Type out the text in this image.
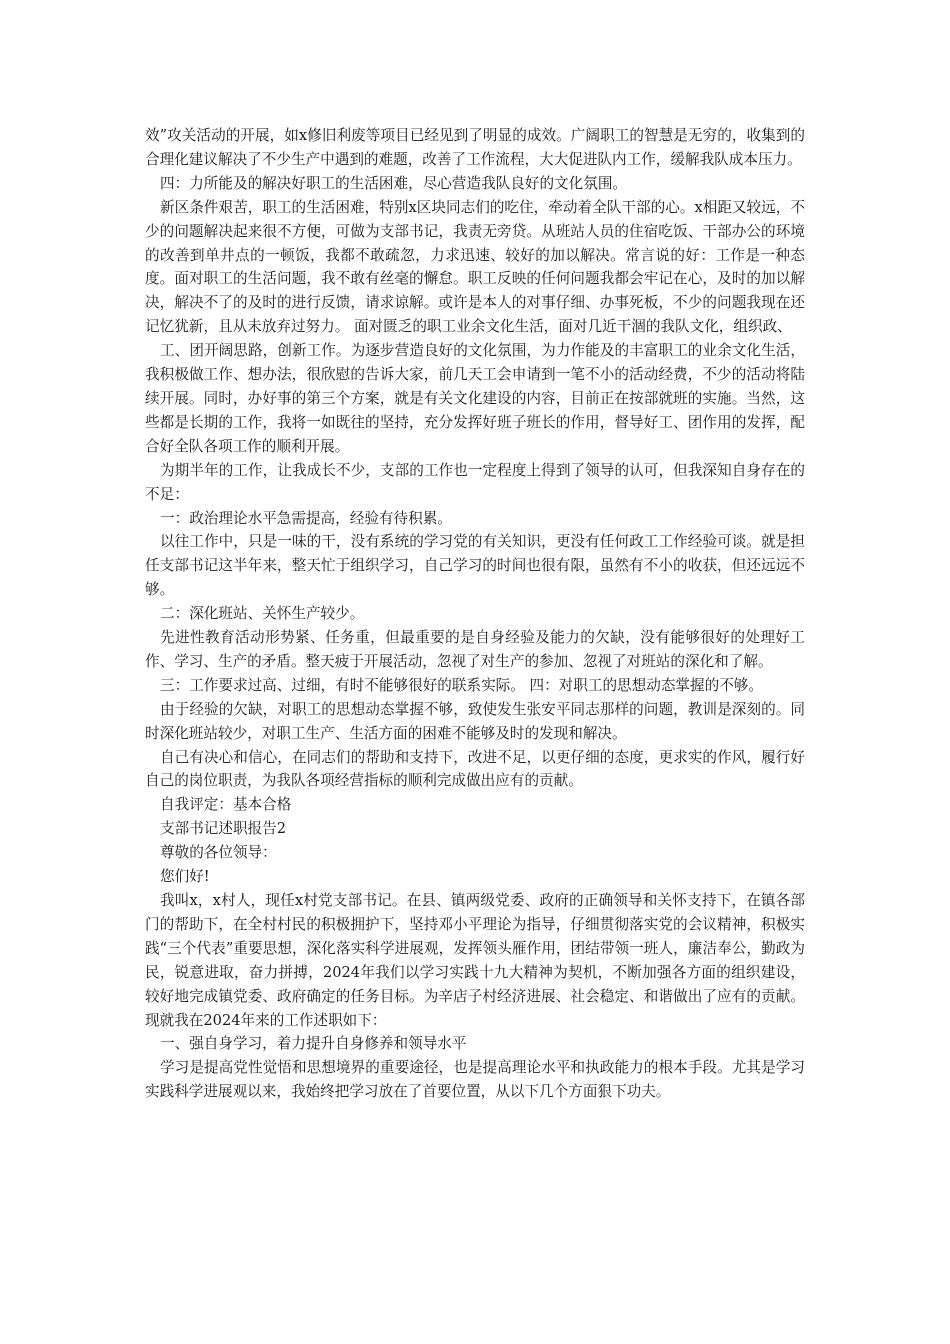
效”攻关活动的开展，如x修旧利废等项目已经见到了明显的成效。广阔职工的智慧是无穷的，收集到的合理化建议解决了不少生产中遇到的难题，改善了工作流程，大大促进队内工作，缓解我队成本压力。

四：力所能及的解决好职工的生活困难，尽心营造我队良好的文化氛围。

新区条件艰苦，职工的生活困难，特别x区块同志们的吃住，牵动着全队干部的心。x相距又较远，不少的问题解决起来很不方便，可做为支部书记，我责无旁贷。从班站人员的住宿吃饭、干部办公的环境的改善到单井点的一顿饭，我都不敢疏忽，力求迅速、较好的加以解决。常言说的好：工作是一种态度。面对职工的生活问题，我不敢有丝毫的懈怠。职工反映的任何问题我都会牢记在心，及时的加以解决，解决不了的及时的进行反馈，请求谅解。或许是本人的对事仔细、办事死板，不少的问题我现在还记忆犹新，且从未放弃过努力。 面对匮乏的职工业余文化生活，面对几近干涸的我队文化，组织政、

工、团开阔思路，创新工作。为逐步营造良好的文化氛围，为力作能及的丰富职工的业余文化生活，我积极做工作、想办法，很欣慰的告诉大家，前几天工会申请到一笔不小的活动经费，不少的活动将陆续开展。同时，办好事的第三个方案，就是有关文化建设的内容，目前正在按部就班的实施。当然，这些都是长期的工作，我将一如既往的坚持，充分发挥好班子班长的作用，督导好工、团作用的发挥，配合好全队各项工作的顺利开展。

为期半年的工作，让我成长不少，支部的工作也一定程度上得到了领导的认可，但我深知自身存在的不足：

一：政治理论水平急需提高，经验有待积累。

以往工作中，只是一味的干，没有系统的学习党的有关知识，更没有任何政工工作经验可谈。就是担任支部书记这半年来，整天忙于组织学习，自己学习的时间也很有限，虽然有不小的收获，但还远远不够。

二：深化班站、关怀生产较少。

先进性教育活动形势紧、任务重，但最重要的是自身经验及能力的欠缺，没有能够很好的处理好工作、学习、生产的矛盾。整天疲于开展活动，忽视了对生产的参加、忽视了对班站的深化和了解。

三：工作要求过高、过细，有时不能够很好的联系实际。 四：对职工的思想动态掌握的不够。

由于经验的欠缺，对职工的思想动态掌握不够，致使发生张安平同志那样的问题，教训是深刻的。同时深化班站较少，对职工生产、生活方面的困难不能够及时的发现和解决。

自己有决心和信心，在同志们的帮助和支持下，改进不足，以更仔细的态度，更求实的作风，履行好自己的岗位职责，为我队各项经营指标的顺利完成做出应有的贡献。

自我评定：基本合格

支部书记述职报告2

尊敬的各位领导：

您们好!

我叫x，x村人，现任x村党支部书记。在县、镇两级党委、政府的正确领导和关怀支持下，在镇各部门的帮助下，在全村村民的积极拥护下，坚持邓小平理论为指导，仔细贯彻落实党的会议精神，积极实践“三个代表”重要思想，深化落实科学进展观，发挥领头雁作用，团结带领一班人，廉洁奉公，勤政为民，锐意进取，奋力拼搏，2024年我们以学习实践十九大精神为契机，不断加强各方面的组织建设，较好地完成镇党委、政府确定的任务目标。为辛店子村经济进展、社会稳定、和谐做出了应有的贡献。现就我在2024年来的工作述职如下：

一、强自身学习，着力提升自身修养和领导水平

学习是提高党性觉悟和思想境界的重要途径，也是提高理论水平和执政能力的根本手段。尤其是学习实践科学进展观以来，我始终把学习放在了首要位置，从以下几个方面狠下功夫。
